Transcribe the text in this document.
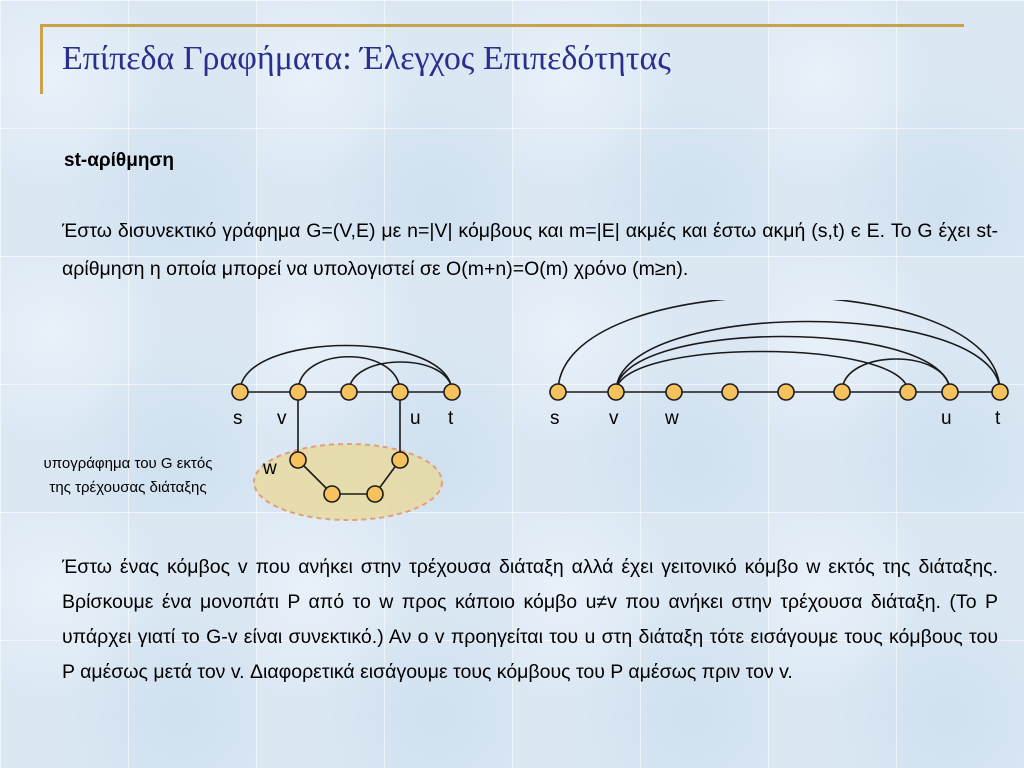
Επίπεδα Γραφήματα: Έλεγχος Επιπεδότητας
st-αρίθμηση

Έστω δισυνεκτικό γράφημα G=(V,E) με n=|V| κόμβους και m=|E| ακμές και έστω ακμή (s,t) є E. Το G έχει st-αρίθμηση η οποία μπορεί να υπολογιστεί σε O(m+n)=O(m) χρόνο (m≥n).

s v	u t
w
υπογράφημα του G εκτός
της τρέχουσας διάταξης
s	v w	u t

Έστω ένας κόμβος v που ανήκει στην τρέχουσα διάταξη αλλά έχει γειτονικό κόμβο w εκτός της διάταξης. Βρίσκουμε ένα μονοπάτι P από το w προς κάποιο κόμβο u≠v που ανήκει στην τρέχουσα διάταξη. (Το P υπάρχει γιατί το G-v είναι συνεκτικό.) Αν ο v προηγείται του u στη διάταξη τότε εισάγουμε τους κόμβους του P αμέσως μετά τον v. Διαφορετικά εισάγουμε τους κόμβους του P αμέσως πριν τον v.
